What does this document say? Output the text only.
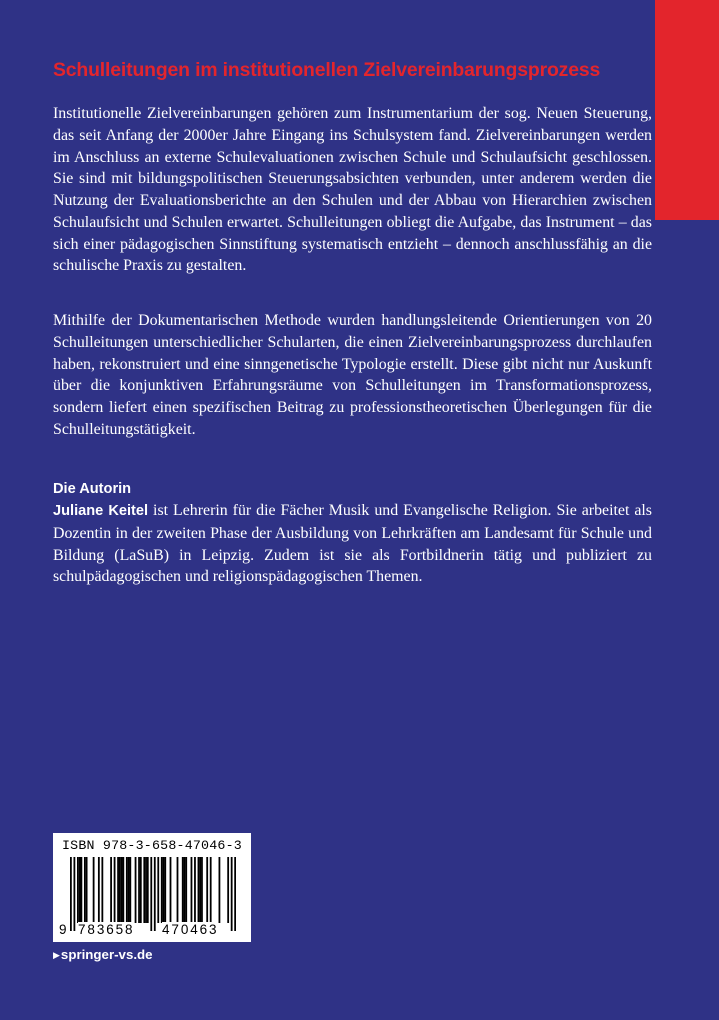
Schulleitungen im institutionellen Zielvereinbarungsprozess

Institutionelle Zielvereinbarungen gehören zum Instrumentarium der sog. Neuen Steuerung, das seit Anfang der 2000er Jahre Eingang ins Schulsystem fand. Zielvereinbarungen werden im Anschluss an externe Schulevaluationen zwischen Schule und Schulaufsicht geschlossen. Sie sind mit bildungspolitischen Steuerungsabsichten verbunden, unter anderem werden die Nutzung der Evaluationsberichte an den Schulen und der Abbau von Hierarchien zwischen Schulaufsicht und Schulen erwartet. Schulleitungen obliegt die Aufgabe, das Instrument – das sich einer pädagogischen Sinnstiftung systematisch entzieht – dennoch anschlussfähig an die schulische Praxis zu gestalten.

Mithilfe der Dokumentarischen Methode wurden handlungsleitende Orientierungen von 20 Schulleitungen unterschiedlicher Schularten, die einen Zielvereinbarungsprozess durchlaufen haben, rekonstruiert und eine sinngenetische Typologie erstellt. Diese gibt nicht nur Auskunft über die konjunktiven Erfahrungsräume von Schulleitungen im Transformationsprozess, sondern liefert einen spezifischen Beitrag zu professionstheoretischen Überlegungen für die Schulleitungstätigkeit.

Die Autorin

Juliane Keitel ist Lehrerin für die Fächer Musik und Evangelische Religion. Sie arbeitet als Dozentin in der zweiten Phase der Ausbildung von Lehrkräften am Landesamt für Schule und Bildung (LaSuB) in Leipzig. Zudem ist sie als Fortbildnerin tätig und publiziert zu schulpädagogischen und religionspädagogischen Themen.

ISBN 978-3-658-47046-3
9 783658 470463
▶springer-vs.de
